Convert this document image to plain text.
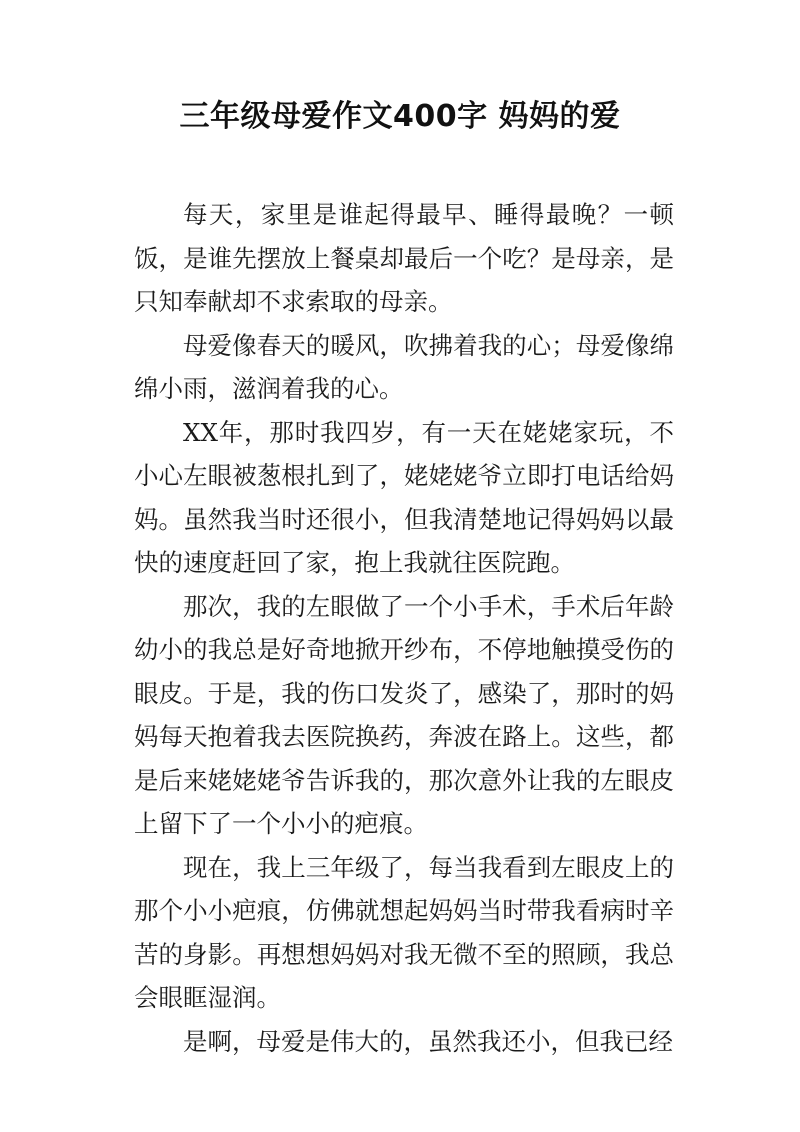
三年级母爱作文400字 妈妈的爱

每天，家里是谁起得最早、睡得最晚？一顿饭，是谁先摆放上餐桌却最后一个吃？是母亲，是只知奉献却不求索取的母亲。

母爱像春天的暖风，吹拂着我的心；母爱像绵绵小雨，滋润着我的心。

XX年，那时我四岁，有一天在姥姥家玩，不小心左眼被葱根扎到了，姥姥姥爷立即打电话给妈妈。虽然我当时还很小，但我清楚地记得妈妈以最快的速度赶回了家，抱上我就往医院跑。

那次，我的左眼做了一个小手术，手术后年龄幼小的我总是好奇地掀开纱布，不停地触摸受伤的眼皮。于是，我的伤口发炎了，感染了，那时的妈妈每天抱着我去医院换药，奔波在路上。这些，都是后来姥姥姥爷告诉我的，那次意外让我的左眼皮上留下了一个小小的疤痕。

现在，我上三年级了，每当我看到左眼皮上的那个小小疤痕，仿佛就想起妈妈当时带我看病时辛苦的身影。再想想妈妈对我无微不至的照顾，我总会眼眶湿润。

是啊，母爱是伟大的，虽然我还小，但我已经
